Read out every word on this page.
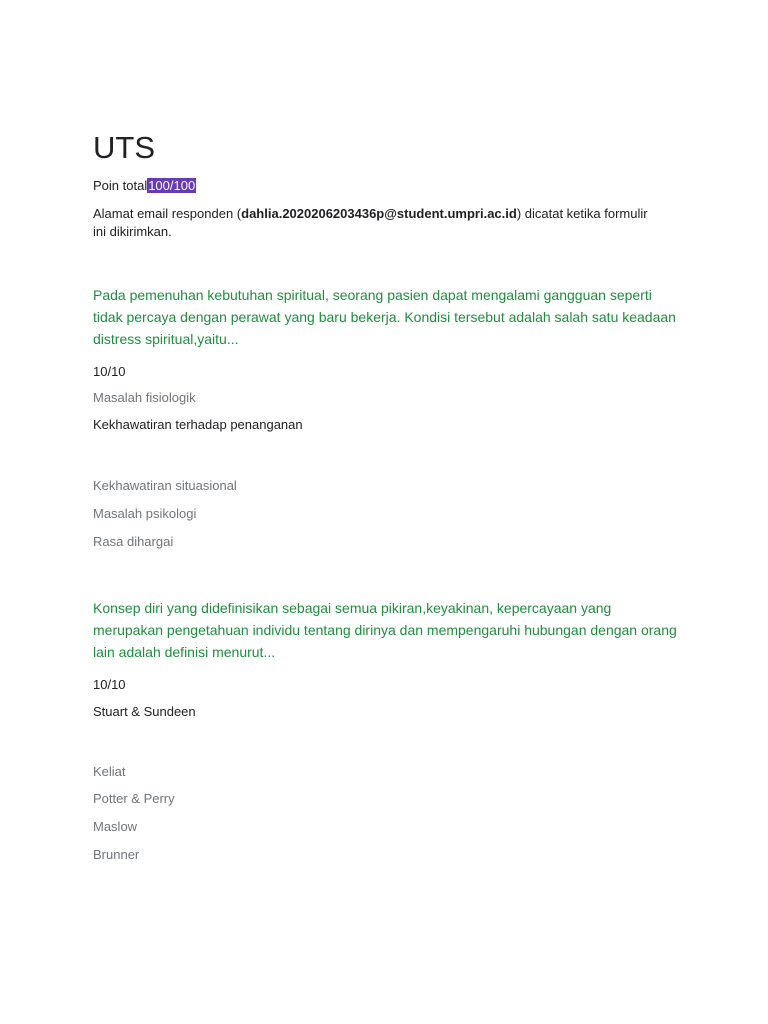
UTS
Poin total100/100
Alamat email responden (dahlia.2020206203436p@student.umpri.ac.id) dicatat ketika formulir ini dikirimkan.
Pada pemenuhan kebutuhan spiritual, seorang pasien dapat mengalami gangguan seperti tidak percaya dengan perawat yang baru bekerja. Kondisi tersebut adalah salah satu keadaan distress spiritual,yaitu...
10/10
Masalah fisiologik
Kekhawatiran terhadap penanganan
Kekhawatiran situasional
Masalah psikologi
Rasa dihargai
Konsep diri yang didefinisikan sebagai semua pikiran,keyakinan, kepercayaan yang merupakan pengetahuan individu tentang dirinya dan mempengaruhi hubungan dengan orang lain adalah definisi menurut...
10/10
Stuart & Sundeen
Keliat
Potter & Perry
Maslow
Brunner
